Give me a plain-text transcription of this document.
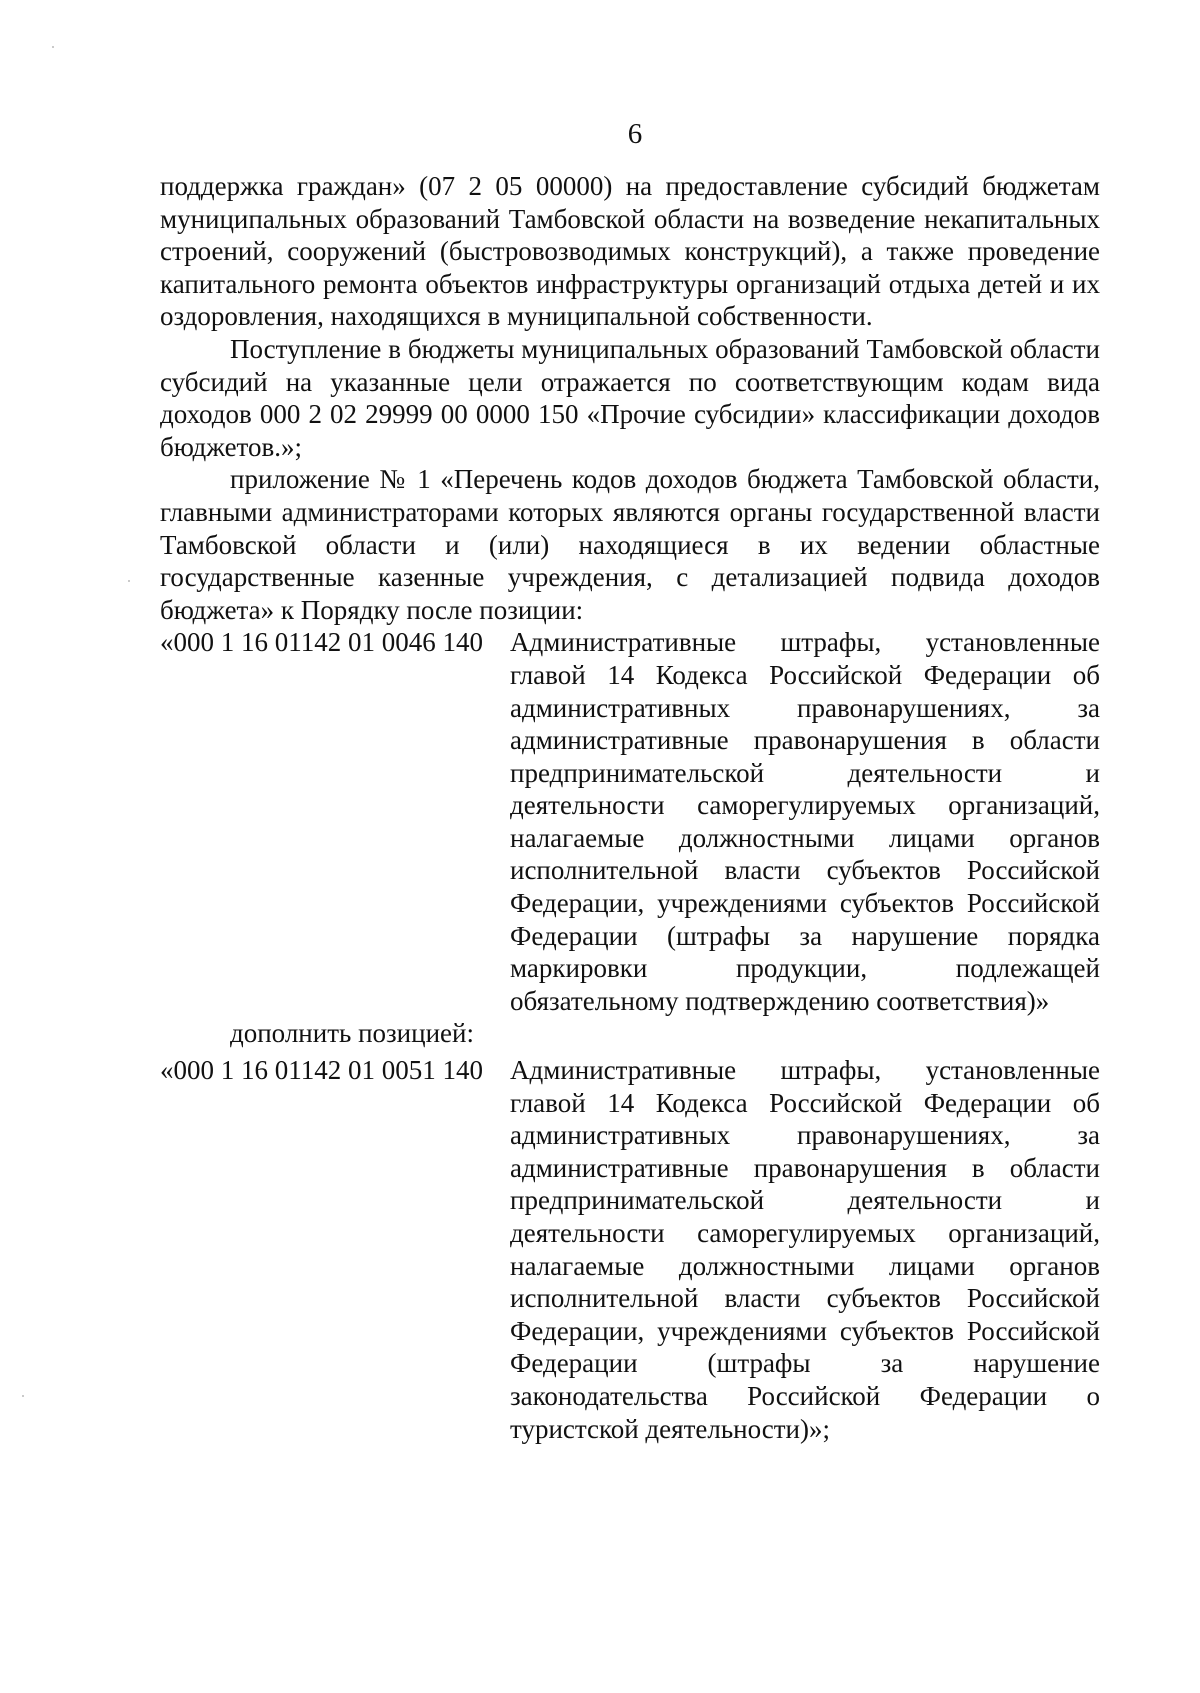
6

поддержка граждан» (07 2 05 00000) на предоставление субсидий бюджетам муниципальных образований Тамбовской области на возведение некапитальных строений, сооружений (быстровозводимых конструкций), а также проведение капитального ремонта объектов инфраструктуры организаций отдыха детей и их оздоровления, находящихся в муниципальной собственности.

Поступление в бюджеты муниципальных образований Тамбовской области субсидий на указанные цели отражается по соответствующим кодам вида доходов 000 2 02 29999 00 0000 150 «Прочие субсидии» классификации доходов бюджетов.»;

приложение № 1 «Перечень кодов доходов бюджета Тамбовской области, главными администраторами которых являются органы государственной власти Тамбовской области и (или) находящиеся в их ведении областные государственные казенные учреждения, с детализацией подвида доходов бюджета» к Порядку после позиции:

«000 1 16 01142 01 0046 140	Административные штрафы, установленные главой 14 Кодекса Российской Федерации об административных правонарушениях, за административные правонарушения в области предпринимательской деятельности и деятельности саморегулируемых организаций, налагаемые должностными лицами органов исполнительной власти субъектов Российской Федерации, учреждениями субъектов Российской Федерации (штрафы за нарушение порядка маркировки продукции, подлежащей обязательному подтверждению соответствия)»

дополнить позицией:

«000 1 16 01142 01 0051 140	Административные штрафы, установленные главой 14 Кодекса Российской Федерации об административных правонарушениях, за административные правонарушения в области предпринимательской деятельности и деятельности саморегулируемых организаций, налагаемые должностными лицами органов исполнительной власти субъектов Российской Федерации, учреждениями субъектов Российской Федерации (штрафы за нарушение законодательства Российской Федерации о туристской деятельности)»;
